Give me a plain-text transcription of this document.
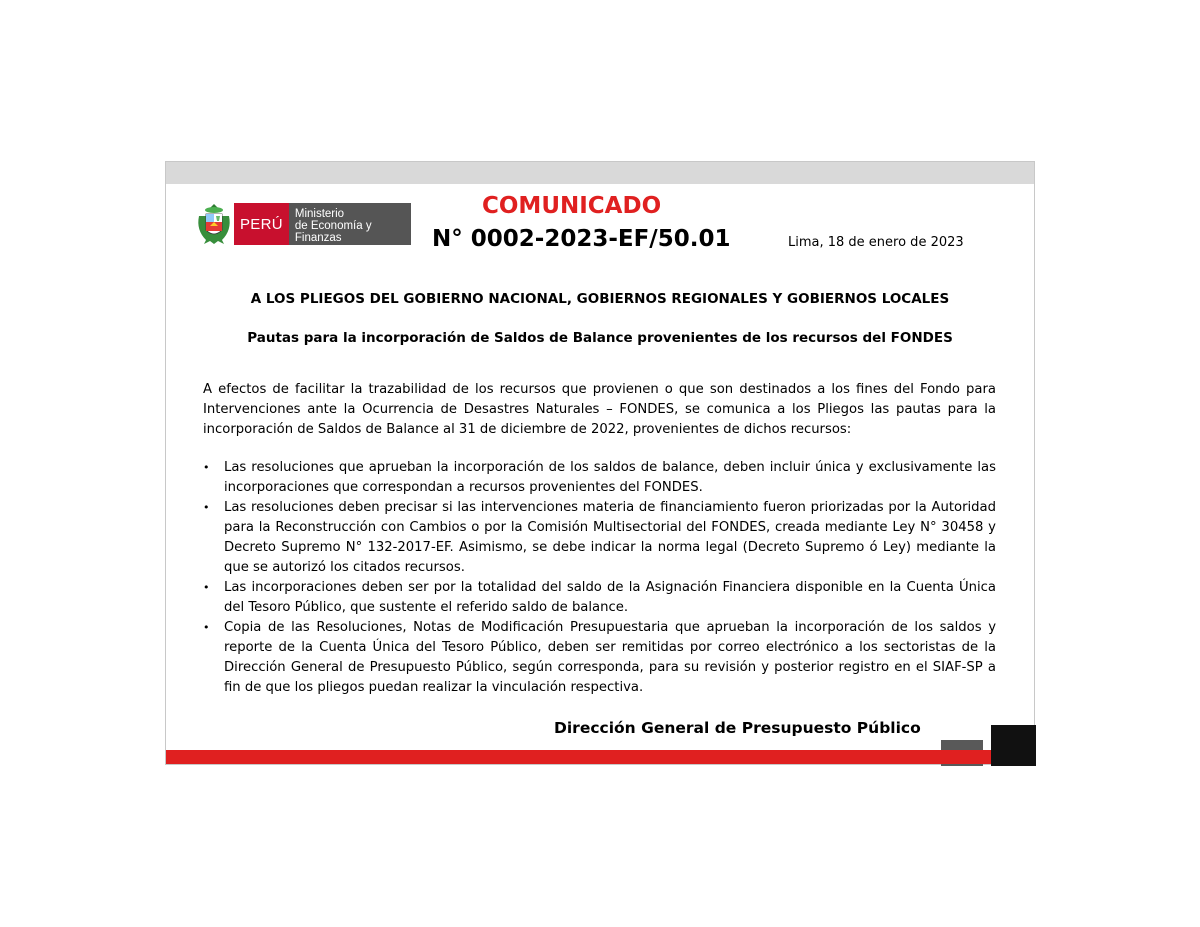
PERÚ
Ministerio
de Economía y Finanzas
COMUNICADO
N° 0002-2023-EF/50.01	Lima, 18 de enero de 2023
A LOS PLIEGOS DEL GOBIERNO NACIONAL, GOBIERNOS REGIONALES Y GOBIERNOS LOCALES
Pautas para la incorporación de Saldos de Balance provenientes de los recursos del FONDES

A efectos de facilitar la trazabilidad de los recursos que provienen o que son destinados a los fines del Fondo para Intervenciones ante la Ocurrencia de Desastres Naturales – FONDES, se comunica a los Pliegos las pautas para la incorporación de Saldos de Balance al 31 de diciembre de 2022, provenientes de dichos recursos:

•	Las resoluciones que aprueban la incorporación de los saldos de balance, deben incluir única y exclusivamente las incorporaciones que correspondan a recursos provenientes del FONDES.
•	Las resoluciones deben precisar si las intervenciones materia de financiamiento fueron priorizadas por la Autoridad para la Reconstrucción con Cambios o por la Comisión Multisectorial del FONDES, creada mediante Ley N° 30458 y Decreto Supremo N° 132-2017-EF. Asimismo, se debe indicar la norma legal (Decreto Supremo ó Ley) mediante la que se autorizó los citados recursos.
•	Las incorporaciones deben ser por la totalidad del saldo de la Asignación Financiera disponible en la Cuenta Única del Tesoro Público, que sustente el referido saldo de balance.
•	Copia de las Resoluciones, Notas de Modificación Presupuestaria que aprueban la incorporación de los saldos y reporte de la Cuenta Única del Tesoro Público, deben ser remitidas por correo electrónico a los sectoristas de la Dirección General de Presupuesto Público, según corresponda, para su revisión y posterior registro en el SIAF-SP a fin de que los pliegos puedan realizar la vinculación respectiva.
Dirección General de Presupuesto Público
